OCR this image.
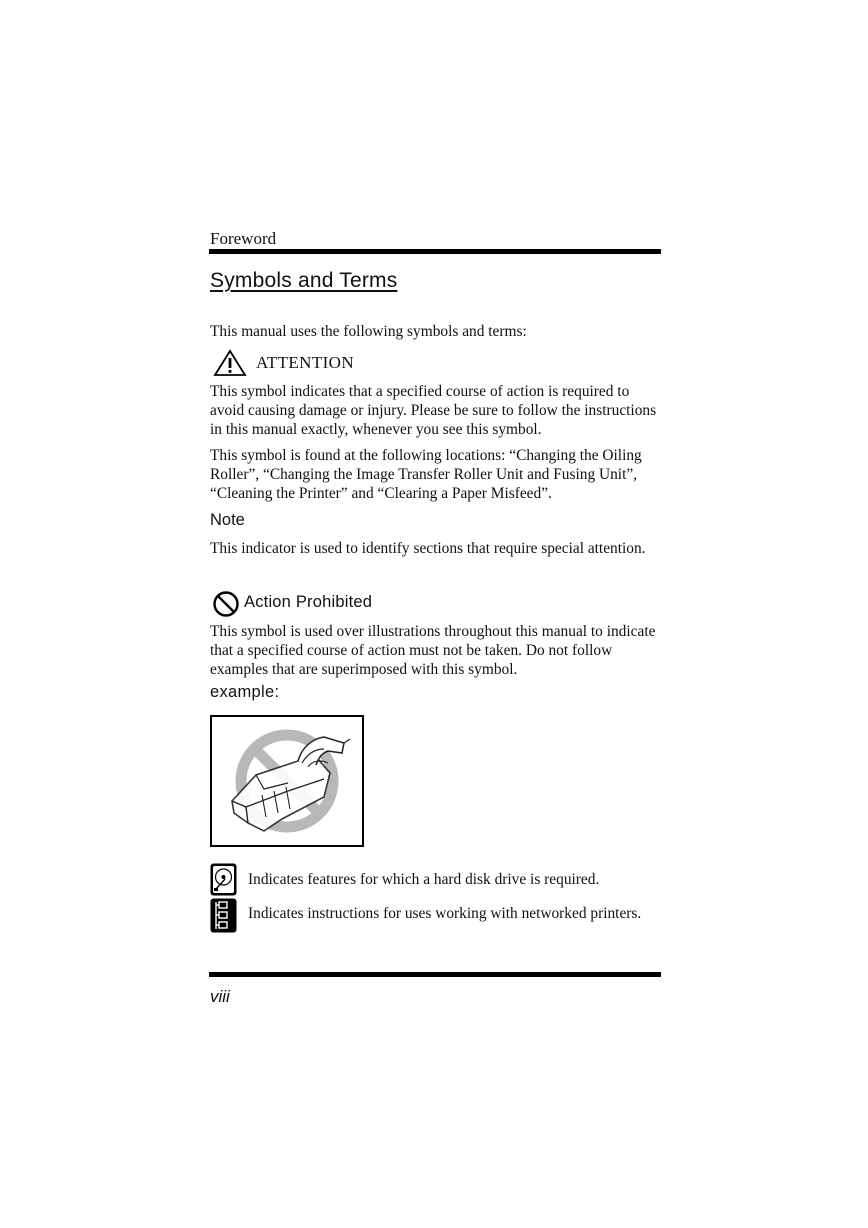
Foreword
Symbols and Terms
This manual uses the following symbols and terms:
ATTENTION
This symbol indicates that a specified course of action is required to avoid causing damage or injury. Please be sure to follow the instructions in this manual exactly, whenever you see this symbol.
This symbol is found at the following locations: “Changing the Oiling Roller”, “Changing the Image Transfer Roller Unit and Fusing Unit”, “Cleaning the Printer” and “Clearing a Paper Misfeed”.
Note
This indicator is used to identify sections that require special attention.
Action Prohibited
This symbol is used over illustrations throughout this manual to indicate that a specified course of action must not be taken. Do not follow examples that are superimposed with this symbol.
example:
Indicates features for which a hard disk drive is required.
Indicates instructions for uses working with networked printers.
viii
